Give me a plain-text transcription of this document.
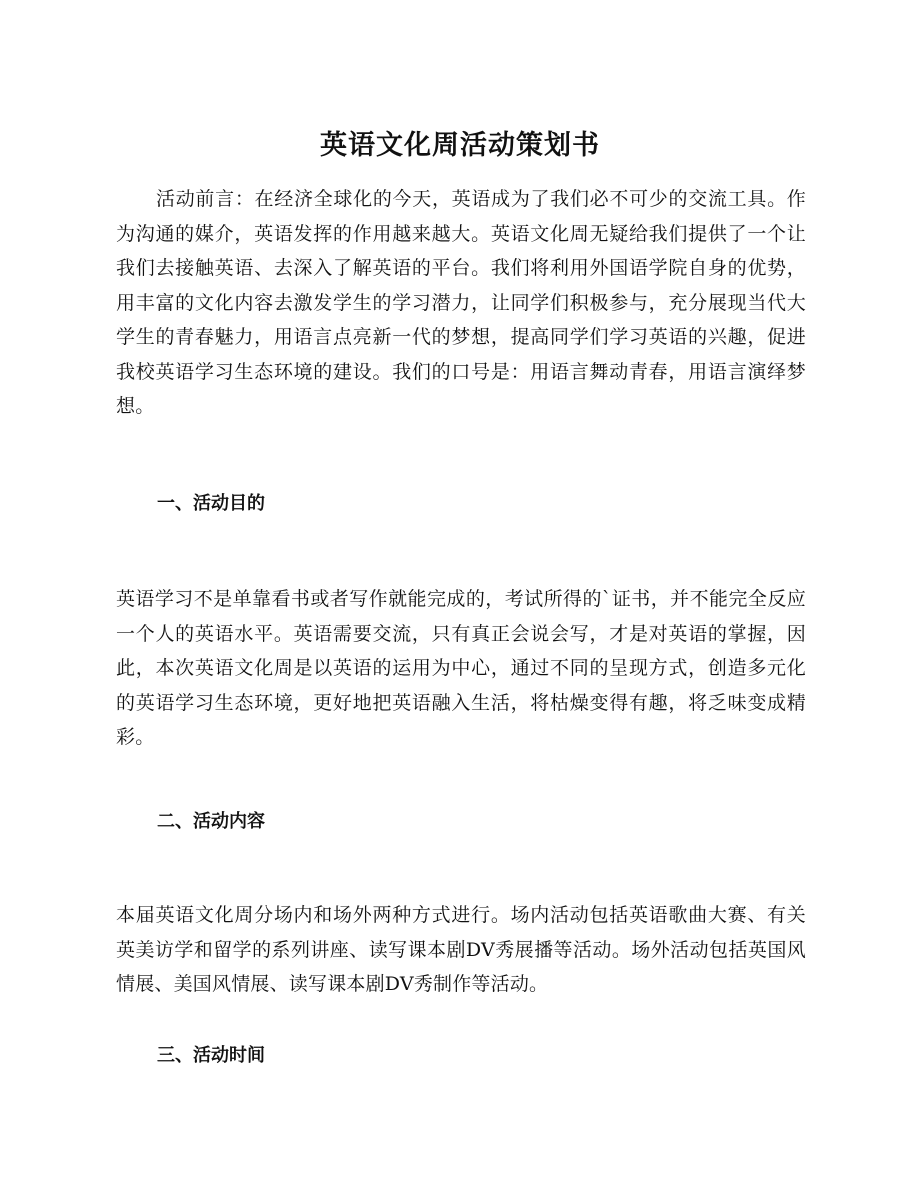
英语文化周活动策划书

活动前言：在经济全球化的今天，英语成为了我们必不可少的交流工具。作为沟通的媒介，英语发挥的作用越来越大。英语文化周无疑给我们提供了一个让我们去接触英语、去深入了解英语的平台。我们将利用外国语学院自身的优势，用丰富的文化内容去激发学生的学习潜力，让同学们积极参与，充分展现当代大学生的青春魅力，用语言点亮新一代的梦想，提高同学们学习英语的兴趣，促进我校英语学习生态环境的建设。我们的口号是：用语言舞动青春，用语言演绎梦想。

一、活动目的

英语学习不是单靠看书或者写作就能完成的，考试所得的`证书，并不能完全反应一个人的英语水平。英语需要交流，只有真正会说会写，才是对英语的掌握，因此，本次英语文化周是以英语的运用为中心，通过不同的呈现方式，创造多元化的英语学习生态环境，更好地把英语融入生活，将枯燥变得有趣，将乏味变成精彩。

二、活动内容

本届英语文化周分场内和场外两种方式进行。场内活动包括英语歌曲大赛、有关英美访学和留学的系列讲座、读写课本剧DV秀展播等活动。场外活动包括英国风情展、美国风情展、读写课本剧DV秀制作等活动。

三、活动时间
